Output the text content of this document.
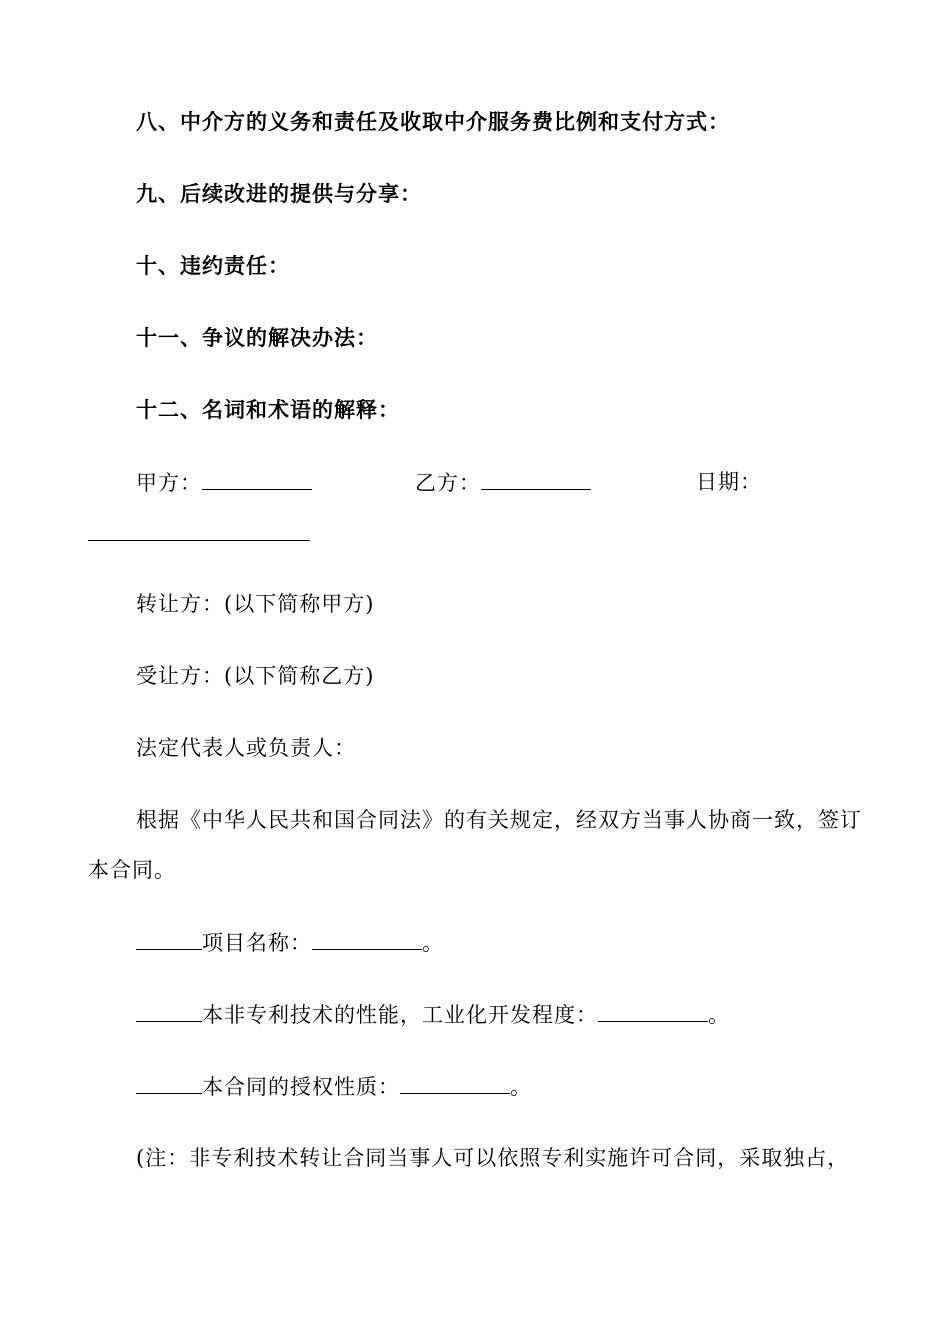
八、中介方的义务和责任及收取中介服务费比例和支付方式：
九、后续改进的提供与分享：
十、违约责任：
十一、争议的解决办法：
十二、名词和术语的解释：
甲方：	乙方：	日期：
转让方：(以下简称甲方)
受让方：(以下简称乙方)
法定代表人或负责人：
根据《中华人民共和国合同法》的有关规定，经双方当事人协商一致，签订
本合同。
项目名称：	。
本非专利技术的性能，工业化开发程度：	。
本合同的授权性质：	。
(注：非专利技术转让合同当事人可以依照专利实施许可合同，采取独占，
